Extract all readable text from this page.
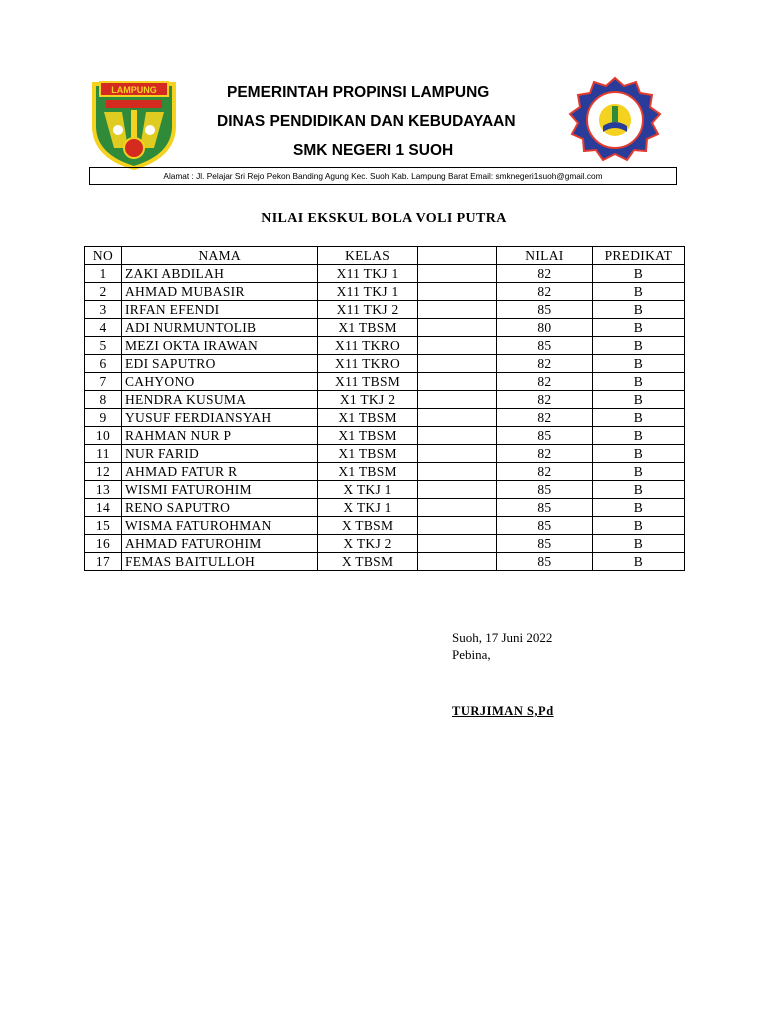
LAMPUNG	PEMERINTAH PROPINSI LAMPUNG
DINAS PENDIDIKAN DAN KEBUDAYAAN
SMK NEGERI 1 SUOH
Alamat : Jl. Pelajar Sri Rejo Pekon Banding Agung Kec. Suoh Kab. Lampung Barat Email: smknegeri1suoh@gmail.com
NILAI EKSKUL BOLA VOLI PUTRA
NO	NAMA	KELAS		NILAI	PREDIKAT
1	ZAKI ABDILAH	X11 TKJ 1		82	B
2	AHMAD MUBASIR	X11 TKJ 1		82	B
3	IRFAN EFENDI	X11 TKJ 2		85	B
4	ADI NURMUNTOLIB	X1 TBSM		80	B
5	MEZI OKTA IRAWAN	X11 TKRO		85	B
6	EDI SAPUTRO	X11 TKRO		82	B
7	CAHYONO	X11 TBSM		82	B
8	HENDRA KUSUMA	X1 TKJ 2		82	B
9	YUSUF FERDIANSYAH	X1 TBSM		82	B
10	RAHMAN NUR P	X1 TBSM		85	B
11	NUR FARID	X1 TBSM		82	B
12	AHMAD FATUR R	X1 TBSM		82	B
13	WISMI FATUROHIM	X TKJ 1		85	B
14	RENO SAPUTRO	X TKJ 1		85	B
15	WISMA FATUROHMAN	X TBSM		85	B
16	AHMAD FATUROHIM	X TKJ 2		85	B
17	FEMAS BAITULLOH	X TBSM		85	B
Suoh, 17 Juni 2022
Pebina,
TURJIMAN S,Pd
